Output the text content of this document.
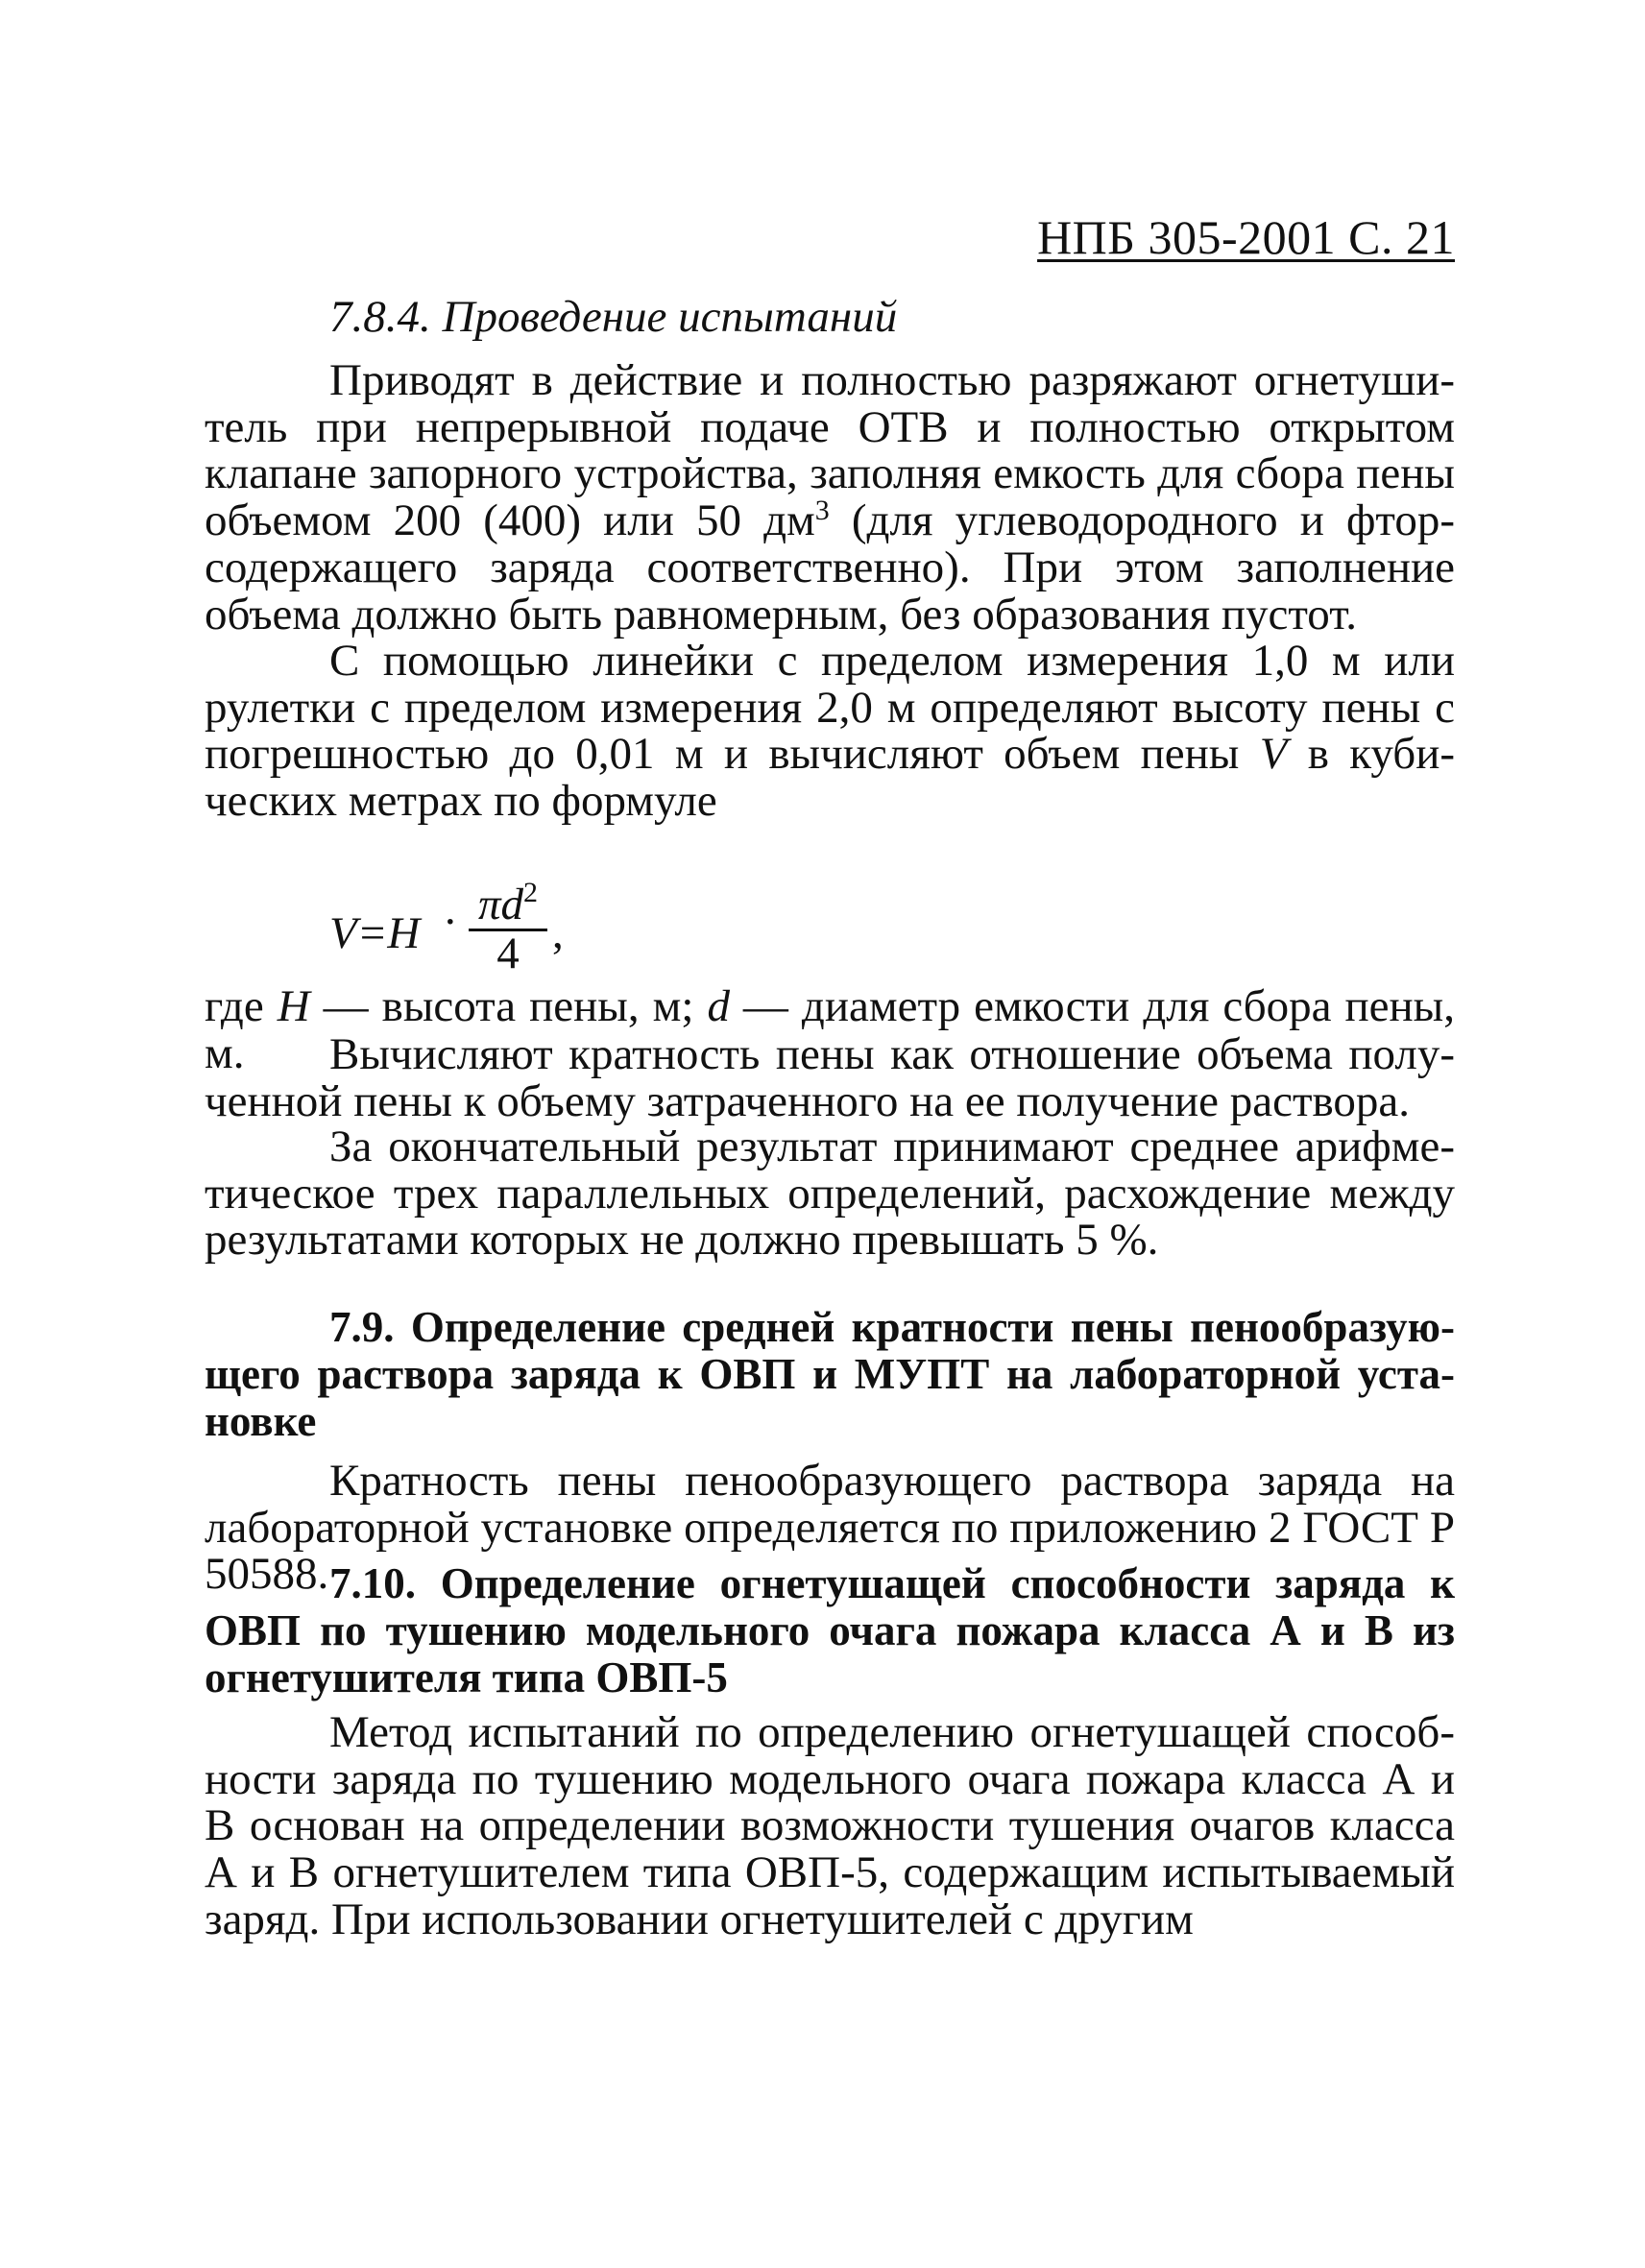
НПБ 305-2001 С. 21

7.8.4. Проведение испытаний

Приводят в действие и полностью разряжают огнетушитель при непрерывной подаче ОТВ и полностью открытом клапане запорного устройства, заполняя емкость для сбора пены объемом 200 (400) или 50 $дм^3$ (для углеводородного и фторсодержащего заряда соответственно). При этом заполнение объема должно быть равномерным, без образования пустот.

С помощью линейки с пределом измерения 1,0 м или рулетки с пределом измерения 2,0 м определяют высоту пены с погрешностью до 0,01 м и вычисляют объем пены V в кубических метрах по формуле

$V=H \cdot \pi d^2$
4 ,

где H — высота пены, м; d — диаметр емкости для сбора пены, м.	Вычисляют кратность пены как отношение объема полученной пены к объему затраченного на ее получение раствора.

За окончательный результат принимают среднее арифметическое трех параллельных определений, расхождение между результатами которых не должно превышать 5 %.

7.9. Определение средней кратности пены пенообразующего раствора заряда к ОВП и МУПТ на лабораторной установке

Кратность пены пенообразующего раствора заряда на лабораторной установке определяется по приложению 2 ГОСТ Р 50588. 7.10. Определение огнетушащей способности заряда к ОВП по тушению модельного очага пожара класса А и В из огнетушителя типа ОВП-5

Метод испытаний по определению огнетушащей способности заряда по тушению модельного очага пожара класса А и В основан на определении возможности тушения очагов класса А и В огнетушителем типа ОВП-5, содержащим испытываемый заряд. При использовании огнетушителей с другим
